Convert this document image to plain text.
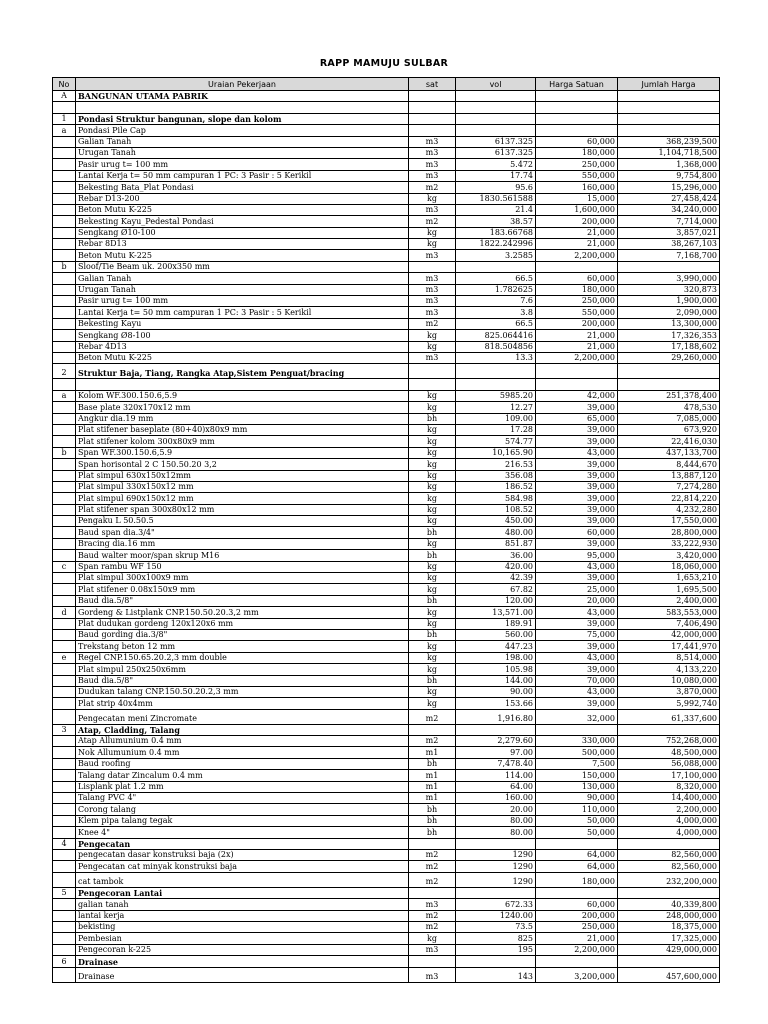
RAPP MAMUJU SULBAR
No	Uraian Pekerjaan	sat	vol	Harga Satuan	Jumlah Harga
A	BANGUNAN UTAMA PABRIK				

1	Pondasi Struktur bangunan, slope dan kolom				
a	Pondasi Pile Cap				
	Galian Tanah	m3	6137.325	60,000	368,239,500
	Urugan Tanah	m3	6137.325	180,000	1,104,718,500
	Pasir urug t= 100 mm	m3	5.472	250,000	1,368,000
	Lantai Kerja t= 50 mm campuran 1 PC: 3 Pasir : 5 Kerikil	m3	17.74	550,000	9,754,800
	Bekesting Bata_Plat Pondasi	m2	95.6	160,000	15,296,000
	Rebar D13-200	kg	1830.561588	15,000	27,458,424
	Beton Mutu K-225	m3	21.4	1,600,000	34,240,000
	Bekesting Kayu_Pedestal Pondasi	m2	38.57	200,000	7,714,000
	Sengkang Ø10-100	kg	183.66768	21,000	3,857,021
	Rebar 8D13	kg	1822.242996	21,000	38,267,103
	Beton Mutu K-225	m3	3.2585	2,200,000	7,168,700
b	Sloof/Tie Beam uk. 200x350 mm				
	Galian Tanah	m3	66.5	60,000	3,990,000
	Urugan Tanah	m3	1.782625	180,000	320,873
	Pasir urug t= 100 mm	m3	7.6	250,000	1,900,000
	Lantai Kerja t= 50 mm campuran 1 PC: 3 Pasir : 5 Kerikil	m3	3.8	550,000	2,090,000
	Bekesting Kayu	m2	66.5	200,000	13,300,000
	Sengkang Ø8-100	kg	825.064416	21,000	17,326,353
	Rebar 4D13	kg	818.504856	21,000	17,188,602
	Beton Mutu K-225	m3	13.3	2,200,000	29,260,000
2	Struktur Baja, Tiang, Rangka Atap,Sistem Penguat/bracing				

a	Kolom WF.300.150.6,5.9	kg	5985.20	42,000	251,378,400
	Base plate 320x170x12 mm	kg	12.27	39,000	478,530
	Angkur dia.19 mm	bh	109.00	65,000	7,085,000
	Plat stifener baseplate (80+40)x80x9 mm	kg	17.28	39,000	673,920
	Plat stifener kolom 300x80x9 mm	kg	574.77	39,000	22,416,030
b	Span WF.300.150.6,5.9	kg	10,165.90	43,000	437,133,700
	Span horisontal 2 C 150.50.20 3,2	kg	216.53	39,000	8,444,670
	Plat simpul 630x150x12mm	kg	356.08	39,000	13,887,120
	Plat simpul 330x150x12 mm	kg	186.52	39,000	7,274,280
	Plat simpul 690x150x12 mm	kg	584.98	39,000	22,814,220
	Plat stifener span 300x80x12 mm	kg	108.52	39,000	4,232,280
	Pengaku L 50.50.5	kg	450.00	39,000	17,550,000
	Baud span dia.3/4"	bh	480.00	60,000	28,800,000
	Bracing dia.16 mm	kg	851.87	39,000	33,222,930
	Baud walter moor/span skrup M16	bh	36.00	95,000	3,420,000
c	Span rambu WF 150	kg	420.00	43,000	18,060,000
	Plat simpul 300x100x9 mm	kg	42.39	39,000	1,653,210
	Plat stifener 0.08x150x9 mm	kg	67.82	25,000	1,695,500
	Baud dia.5/8"	bh	120.00	20,000	2,400,000
d	Gordeng & Listplank CNP.150.50.20.3,2 mm	kg	13,571.00	43,000	583,553,000
	Plat dudukan gordeng 120x120x6 mm	kg	189.91	39,000	7,406,490
	Baud gording dia.3/8"	bh	560.00	75,000	42,000,000
	Trekstang beton 12 mm	kg	447.23	39,000	17,441,970
e	Regel CNP.150.65.20.2,3 mm double	kg	198.00	43,000	8,514,000
	Plat simpul 250x250x6mm	kg	105.98	39,000	4,133,220
	Baud dia.5/8"	bh	144.00	70,000	10,080,000
	Dudukan talang CNP.150.50.20.2,3 mm	kg	90.00	43,000	3,870,000
	Plat strip 40x4mm	kg	153.66	39,000	5,992,740
	Pengecatan meni Zincromate	m2	1,916.80	32,000	61,337,600
3	Atap, Cladding, Talang				
	Atap Allumunium 0.4 mm	m2	2,279.60	330,000	752,268,000
	Nok Allumunium 0.4 mm	m1	97.00	500,000	48,500,000
	Baud roofing	bh	7,478.40	7,500	56,088,000
	Talang datar Zincalum 0.4 mm	m1	114.00	150,000	17,100,000
	Lisplank plat 1.2 mm	m1	64.00	130,000	8,320,000
	Talang PVC 4"	m1	160.00	90,000	14,400,000
	Corong talang	bh	20.00	110,000	2,200,000
	Klem pipa talang tegak	bh	80.00	50,000	4,000,000
	Knee 4"	bh	80.00	50,000	4,000,000
4	Pengecatan				
	pengecatan dasar konstruksi baja (2x)	m2	1290	64,000	82,560,000
	Pengecatan cat minyak konstruksi baja	m2	1290	64,000	82,560,000
	cat tambok	m2	1290	180,000	232,200,000
5	Pengecoran Lantai				
	galian tanah	m3	672.33	60,000	40,339,800
	lantai kerja	m2	1240.00	200,000	248,000,000
	bekisting	m2	73.5	250,000	18,375,000
	Pembesian	kg	825	21,000	17,325,000
	Pengecoran k-225	m3	195	2,200,000	429,000,000
6	Drainase				
	Drainase	m3	143	3,200,000	457,600,000
